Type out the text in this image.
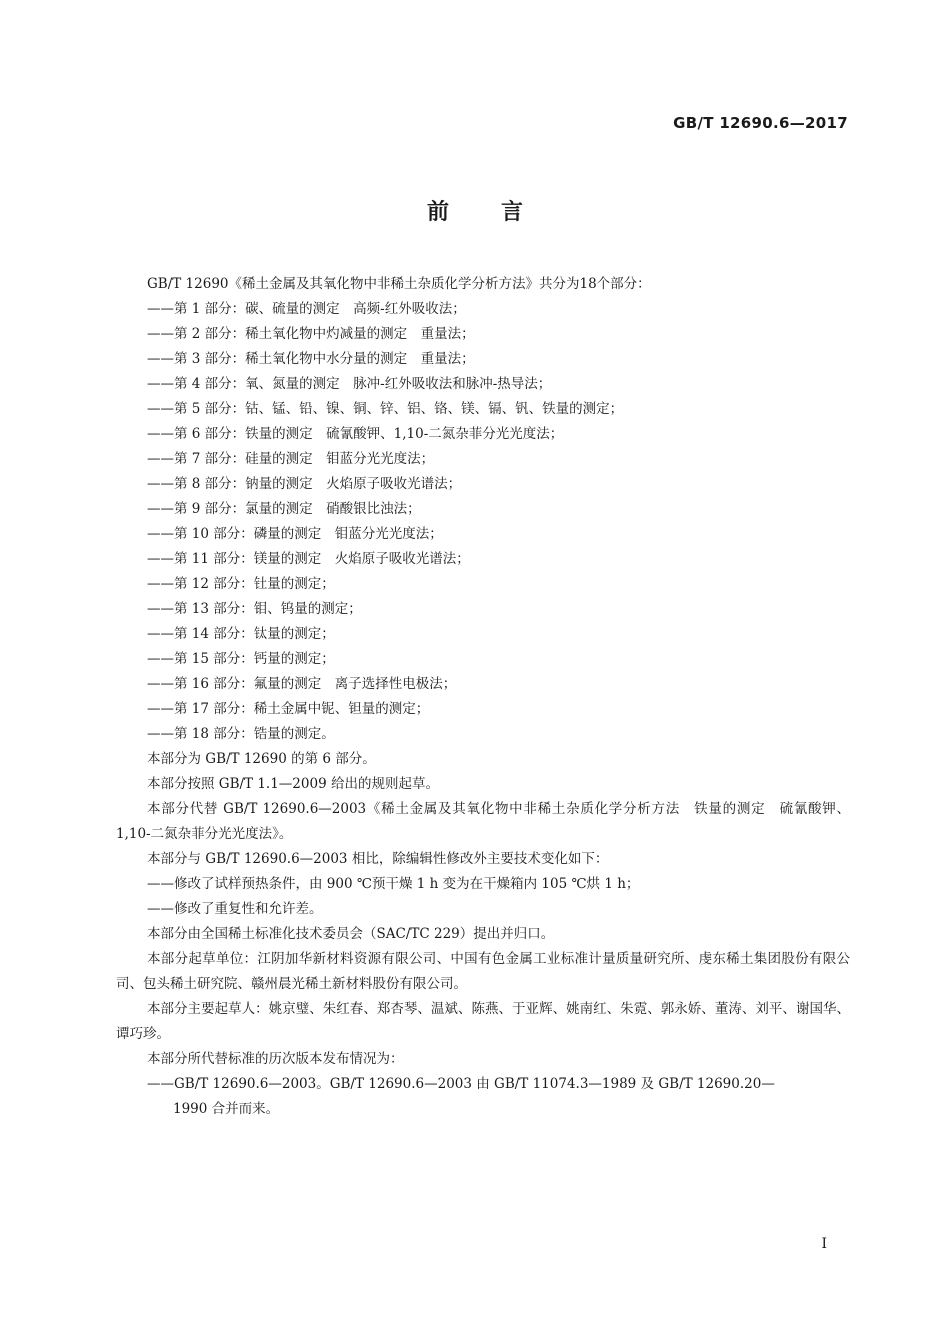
GB/T 12690.6—2017
前言

GB/T 12690《稀土金属及其氧化物中非稀土杂质化学分析方法》共分为18个部分：

——第 1 部分：碳、硫量的测定　高频-红外吸收法；

——第 2 部分：稀土氧化物中灼减量的测定　重量法；

——第 3 部分：稀土氧化物中水分量的测定　重量法；

——第 4 部分：氧、氮量的测定　脉冲-红外吸收法和脉冲-热导法；

——第 5 部分：钴、锰、铅、镍、铜、锌、铝、铬、镁、镉、钒、铁量的测定；

——第 6 部分：铁量的测定　硫氰酸钾、1,10-二氮杂菲分光光度法；

——第 7 部分：硅量的测定　钼蓝分光光度法；

——第 8 部分：钠量的测定　火焰原子吸收光谱法；

——第 9 部分：氯量的测定　硝酸银比浊法；

——第 10 部分：磷量的测定　钼蓝分光光度法；

——第 11 部分：镁量的测定　火焰原子吸收光谱法；

——第 12 部分：钍量的测定；

——第 13 部分：钼、钨量的测定；

——第 14 部分：钛量的测定；

——第 15 部分：钙量的测定；

——第 16 部分：氟量的测定　离子选择性电极法；

——第 17 部分：稀土金属中铌、钽量的测定；

——第 18 部分：锆量的测定。

本部分为 GB/T 12690 的第 6 部分。

本部分按照 GB/T 1.1—2009 给出的规则起草。

本部分代替 GB/T 12690.6—2003《稀土金属及其氧化物中非稀土杂质化学分析方法　铁量的测定　硫氰酸钾、1,10-二氮杂菲分光光度法》。

本部分与 GB/T 12690.6—2003 相比，除编辑性修改外主要技术变化如下：

——修改了试样预热条件，由 900 ℃预干燥 1 h 变为在干燥箱内 105 ℃烘 1 h；

——修改了重复性和允许差。

本部分由全国稀土标准化技术委员会（SAC/TC 229）提出并归口。

本部分起草单位：江阴加华新材料资源有限公司、中国有色金属工业标准计量质量研究所、虔东稀土集团股份有限公司、包头稀土研究院、赣州晨光稀土新材料股份有限公司。

本部分主要起草人：姚京璧、朱红春、郑杏琴、温斌、陈燕、于亚辉、姚南红、朱霓、郭永娇、董涛、刘平、谢国华、谭巧珍。

本部分所代替标准的历次版本发布情况为：

——GB/T 12690.6—2003。GB/T 12690.6—2003 由 GB/T 11074.3—1989 及 GB/T 12690.20—
1990 合并而来。
I
